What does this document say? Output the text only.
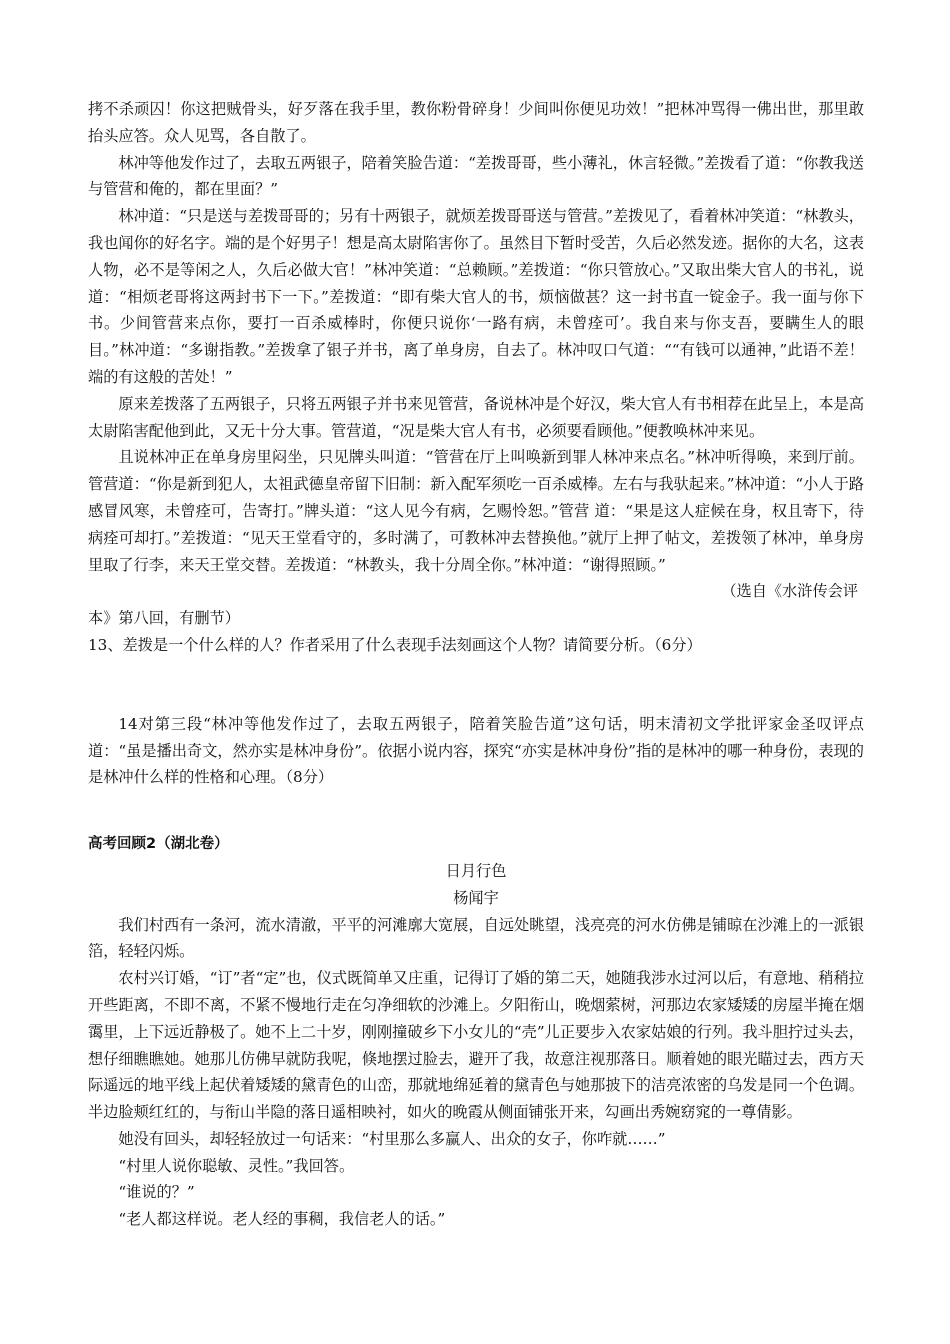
拷不杀顽囚！你这把贼骨头，好歹落在我手里，教你粉骨碎身！少间叫你便见功效！”把林冲骂得一佛出世，那里敢抬头应答。众人见骂，各自散了。

林冲等他发作过了，去取五两银子，陪着笑脸告道：“差拨哥哥，些小薄礼，休言轻微。”差拨看了道：“你教我送与管营和俺的，都在里面？”

林冲道：“只是送与差拨哥哥的；另有十两银子，就烦差拨哥哥送与管营。”差拨见了，看着林冲笑道：“林教头，我也闻你的好名字。端的是个好男子！想是高太尉陷害你了。虽然目下暂时受苦，久后必然发迹。据你的大名，这表人物，必不是等闲之人，久后必做大官！”林冲笑道：“总赖顾。”差拨道：“你只管放心。”又取出柴大官人的书礼，说道：“相烦老哥将这两封书下一下。”差拨道：“即有柴大官人的书，烦恼做甚？这一封书直一锭金子。我一面与你下书。少间管营来点你，要打一百杀威棒时，你便只说你‘一路有病，未曾痊可’。我自来与你支吾，要瞒生人的眼目。”林冲道：“多谢指教。”差拨拿了银子并书，离了单身房，自去了。林冲叹口气道：““有钱可以通神，”此语不差！端的有这般的苦处！”

原来差拨落了五两银子，只将五两银子并书来见管营，备说林冲是个好汉，柴大官人有书相荐在此呈上，本是高太尉陷害配他到此，又无十分大事。管营道，“况是柴大官人有书，必须要看顾他。”便教唤林冲来见。

且说林冲正在单身房里闷坐，只见牌头叫道：“管营在厅上叫唤新到罪人林冲来点名。”林冲听得唤，来到厅前。管营道：“你是新到犯人，太祖武德皇帝留下旧制：新入配军须吃一百杀威棒。左右与我驮起来。”林冲道：“小人于路感冒风寒，未曾痊可，告寄打。”牌头道：“这人见今有病，乞赐怜恕。”管营 道：“果是这人症候在身，权且寄下，待病痊可却打。”差拨道：“见天王堂看守的，多时满了，可教林冲去替换他。”就厅上押了帖文，差拨领了林冲，单身房里取了行李，来天王堂交替。差拨道：“林教头，我十分周全你。”林冲道：“谢得照顾。”

（选自《水浒传会评

本》第八回，有删节）

13、差拨是一个什么样的人？作者采用了什么表现手法刻画这个人物？请简要分析。（6分）

14对第三段“林冲等他发作过了，去取五两银子，陪着笑脸告道”这句话，明末清初文学批评家金圣叹评点道：“虽是播出奇文，然亦实是林冲身份”。依据小说内容，探究“亦实是林冲身份”指的是林冲的哪一种身份，表现的是林冲什么样的性格和心理。（8分）

高考回顾2（湖北卷）

日月行色

杨闻宇

我们村西有一条河，流水清澈，平平的河滩廓大宽展，自远处眺望，浅亮亮的河水仿佛是铺晾在沙滩上的一派银箔，轻轻闪烁。

农村兴订婚，“订”者“定”也，仪式既简单又庄重，记得订了婚的第二天，她随我涉水过河以后，有意地、稍稍拉开些距离，不即不离，不紧不慢地行走在匀净细软的沙滩上。夕阳衔山，晚烟萦树，河那边农家矮矮的房屋半掩在烟霭里，上下远近静极了。她不上二十岁，刚刚撞破乡下小女儿的“壳”儿正要步入农家姑娘的行列。我斗胆拧过头去，想仔细瞧瞧她。她那儿仿佛早就防我呢，倏地摆过脸去，避开了我，故意注视那落日。顺着她的眼光瞄过去，西方天际遥远的地平线上起伏着矮矮的黛青色的山峦，那就地绵延着的黛青色与她那披下的洁亮浓密的乌发是同一个色调。半边脸颊红红的，与衔山半隐的落日遥相映衬，如火的晚霞从侧面铺张开来，勾画出秀婉窈窕的一尊倩影。

她没有回头，却轻轻放过一句话来：“村里那么多赢人、出众的女子，你咋就……”

“村里人说你聪敏、灵性。”我回答。

“谁说的？”

“老人都这样说。老人经的事稠，我信老人的话。”
